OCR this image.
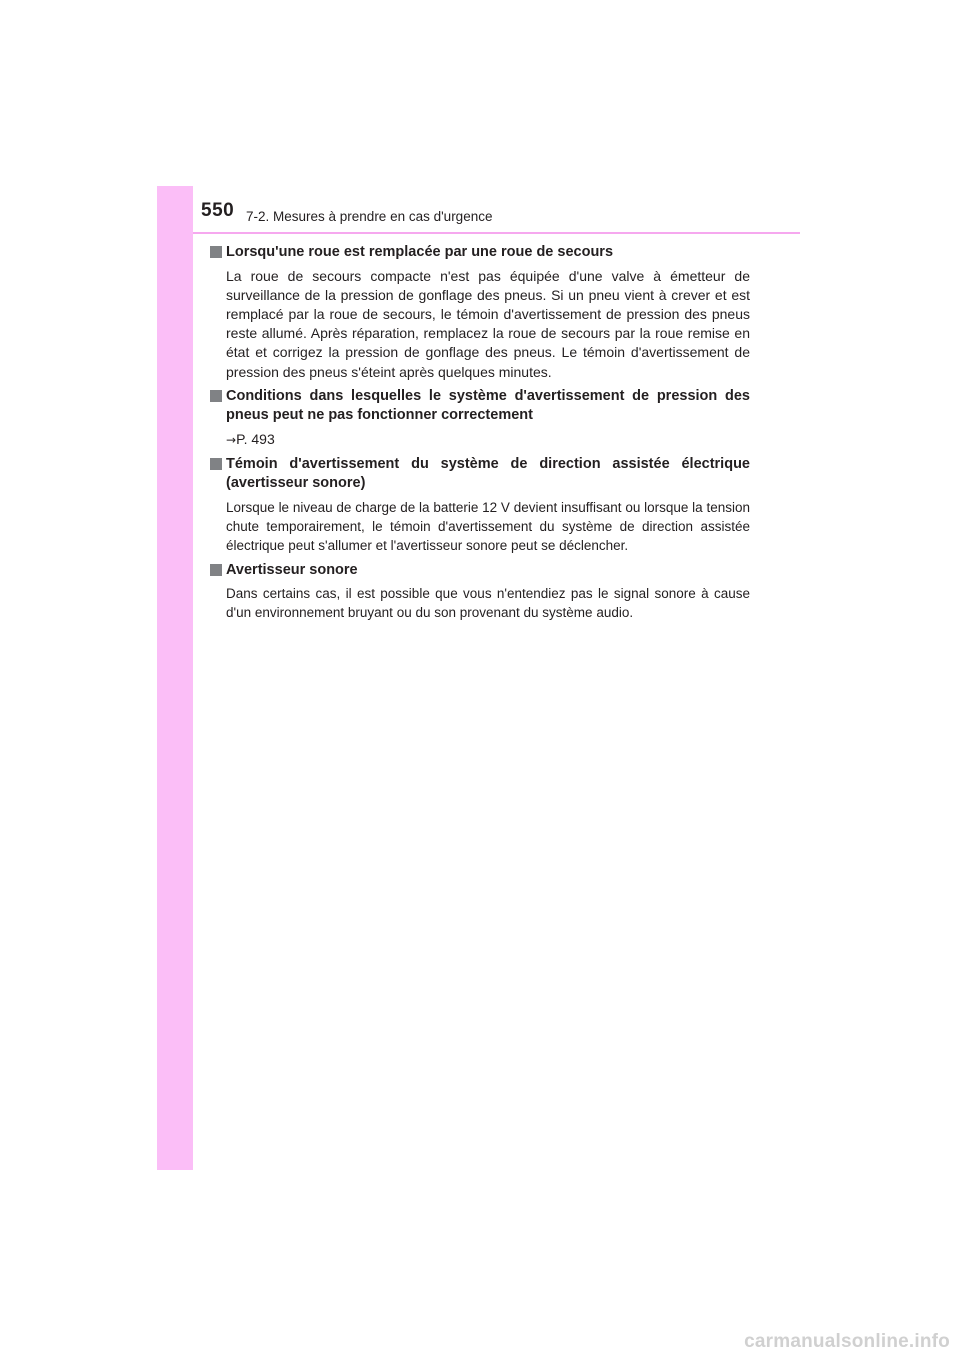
550 7-2. Mesures à prendre en cas d'urgence
Lorsqu'une roue est remplacée par une roue de secours
La roue de secours compacte n'est pas équipée d'une valve à émetteur de surveillance de la pression de gonflage des pneus. Si un pneu vient à crever et est remplacé par la roue de secours, le témoin d'avertissement de pression des pneus reste allumé. Après réparation, remplacez la roue de secours par la roue remise en état et corrigez la pression de gonflage des pneus. Le témoin d'avertissement de pression des pneus s'éteint après quelques minutes.
Conditions dans lesquelles le système d'avertissement de pression des pneus peut ne pas fonctionner correctement
→P. 493
Témoin d'avertissement du système de direction assistée électrique (avertisseur sonore)
Lorsque le niveau de charge de la batterie 12 V devient insuffisant ou lorsque la tension chute temporairement, le témoin d'avertissement du système de direction assistée électrique peut s'allumer et l'avertisseur sonore peut se déclencher.
Avertisseur sonore
Dans certains cas, il est possible que vous n'entendiez pas le signal sonore à cause d'un environnement bruyant ou du son provenant du système audio.
carmanualsonline.info
